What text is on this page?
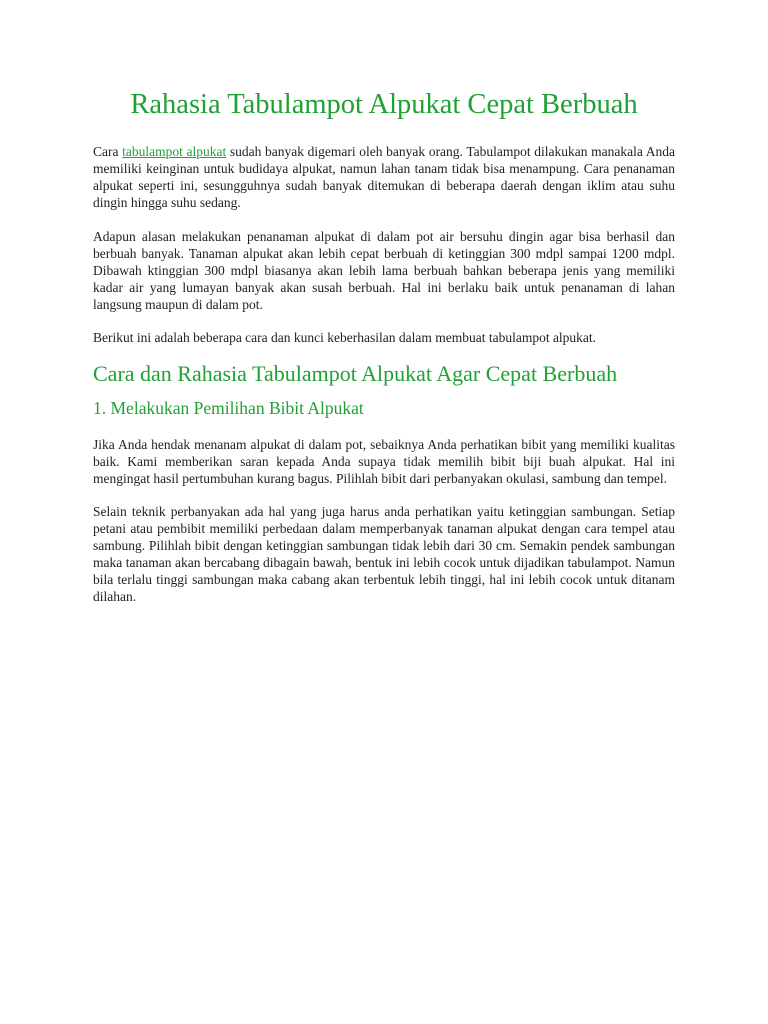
Rahasia Tabulampot Alpukat Cepat Berbuah

Cara tabulampot alpukat sudah banyak digemari oleh banyak orang. Tabulampot dilakukan manakala Anda memiliki keinginan untuk budidaya alpukat, namun lahan tanam tidak bisa menampung. Cara penanaman alpukat seperti ini, sesungguhnya sudah banyak ditemukan di beberapa daerah dengan iklim atau suhu dingin hingga suhu sedang.

Adapun alasan melakukan penanaman alpukat di dalam pot air bersuhu dingin agar bisa berhasil dan berbuah banyak. Tanaman alpukat akan lebih cepat berbuah di ketinggian 300 mdpl sampai 1200 mdpl. Dibawah ktinggian 300 mdpl biasanya akan lebih lama berbuah bahkan beberapa jenis yang memiliki kadar air yang lumayan banyak akan susah berbuah. Hal ini berlaku baik untuk penanaman di lahan langsung maupun di dalam pot.

Berikut ini adalah beberapa cara dan kunci keberhasilan dalam membuat tabulampot alpukat.

Cara dan Rahasia Tabulampot Alpukat Agar Cepat Berbuah
1. Melakukan Pemilihan Bibit Alpukat

Jika Anda hendak menanam alpukat di dalam pot, sebaiknya Anda perhatikan bibit yang memiliki kualitas baik. Kami memberikan saran kepada Anda supaya tidak memilih bibit biji buah alpukat. Hal ini mengingat hasil pertumbuhan kurang bagus. Pilihlah bibit dari perbanyakan okulasi, sambung dan tempel.

Selain teknik perbanyakan ada hal yang juga harus anda perhatikan yaitu ketinggian sambungan. Setiap petani atau pembibit memiliki perbedaan dalam memperbanyak tanaman alpukat dengan cara tempel atau sambung. Pilihlah bibit dengan ketinggian sambungan tidak lebih dari 30 cm. Semakin pendek sambungan maka tanaman akan bercabang dibagain bawah, bentuk ini lebih cocok untuk dijadikan tabulampot. Namun bila terlalu tinggi sambungan maka cabang akan terbentuk lebih tinggi, hal ini lebih cocok untuk ditanam dilahan.
